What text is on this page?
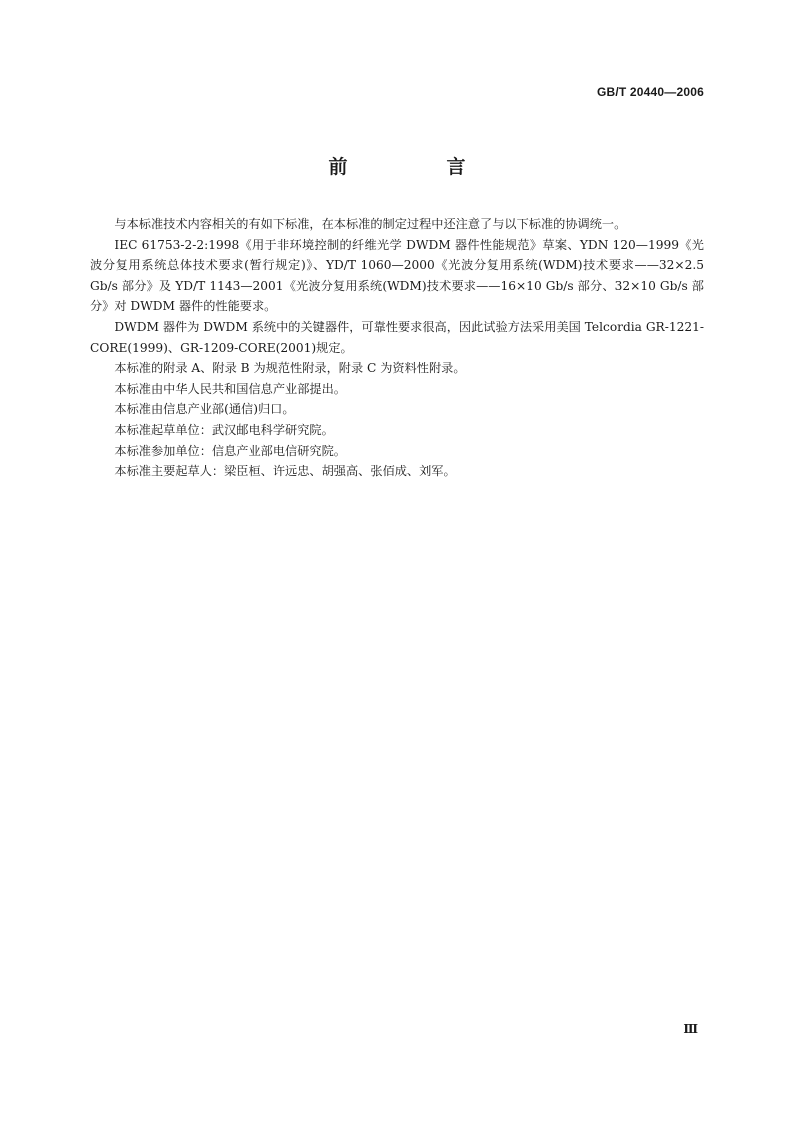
GB/T 20440—2006
前　言

与本标准技术内容相关的有如下标准，在本标准的制定过程中还注意了与以下标准的协调统一。

IEC 61753-2-2:1998《用于非环境控制的纤维光学 DWDM 器件性能规范》草案、YDN 120—1999《光波分复用系统总体技术要求(暂行规定)》、YD/T 1060—2000《光波分复用系统(WDM)技术要求——32×2.5 Gb/s 部分》及 YD/T 1143—2001《光波分复用系统(WDM)技术要求——16×10 Gb/s 部分、32×10 Gb/s 部分》对 DWDM 器件的性能要求。

DWDM 器件为 DWDM 系统中的关键器件，可靠性要求很高，因此试验方法采用美国 Telcordia GR-1221-CORE(1999)、GR-1209-CORE(2001)规定。

本标准的附录 A、附录 B 为规范性附录，附录 C 为资料性附录。

本标准由中华人民共和国信息产业部提出。

本标准由信息产业部(通信)归口。

本标准起草单位：武汉邮电科学研究院。

本标准参加单位：信息产业部电信研究院。

本标准主要起草人：梁臣桓、许远忠、胡强高、张佰成、刘军。

Ⅲ
